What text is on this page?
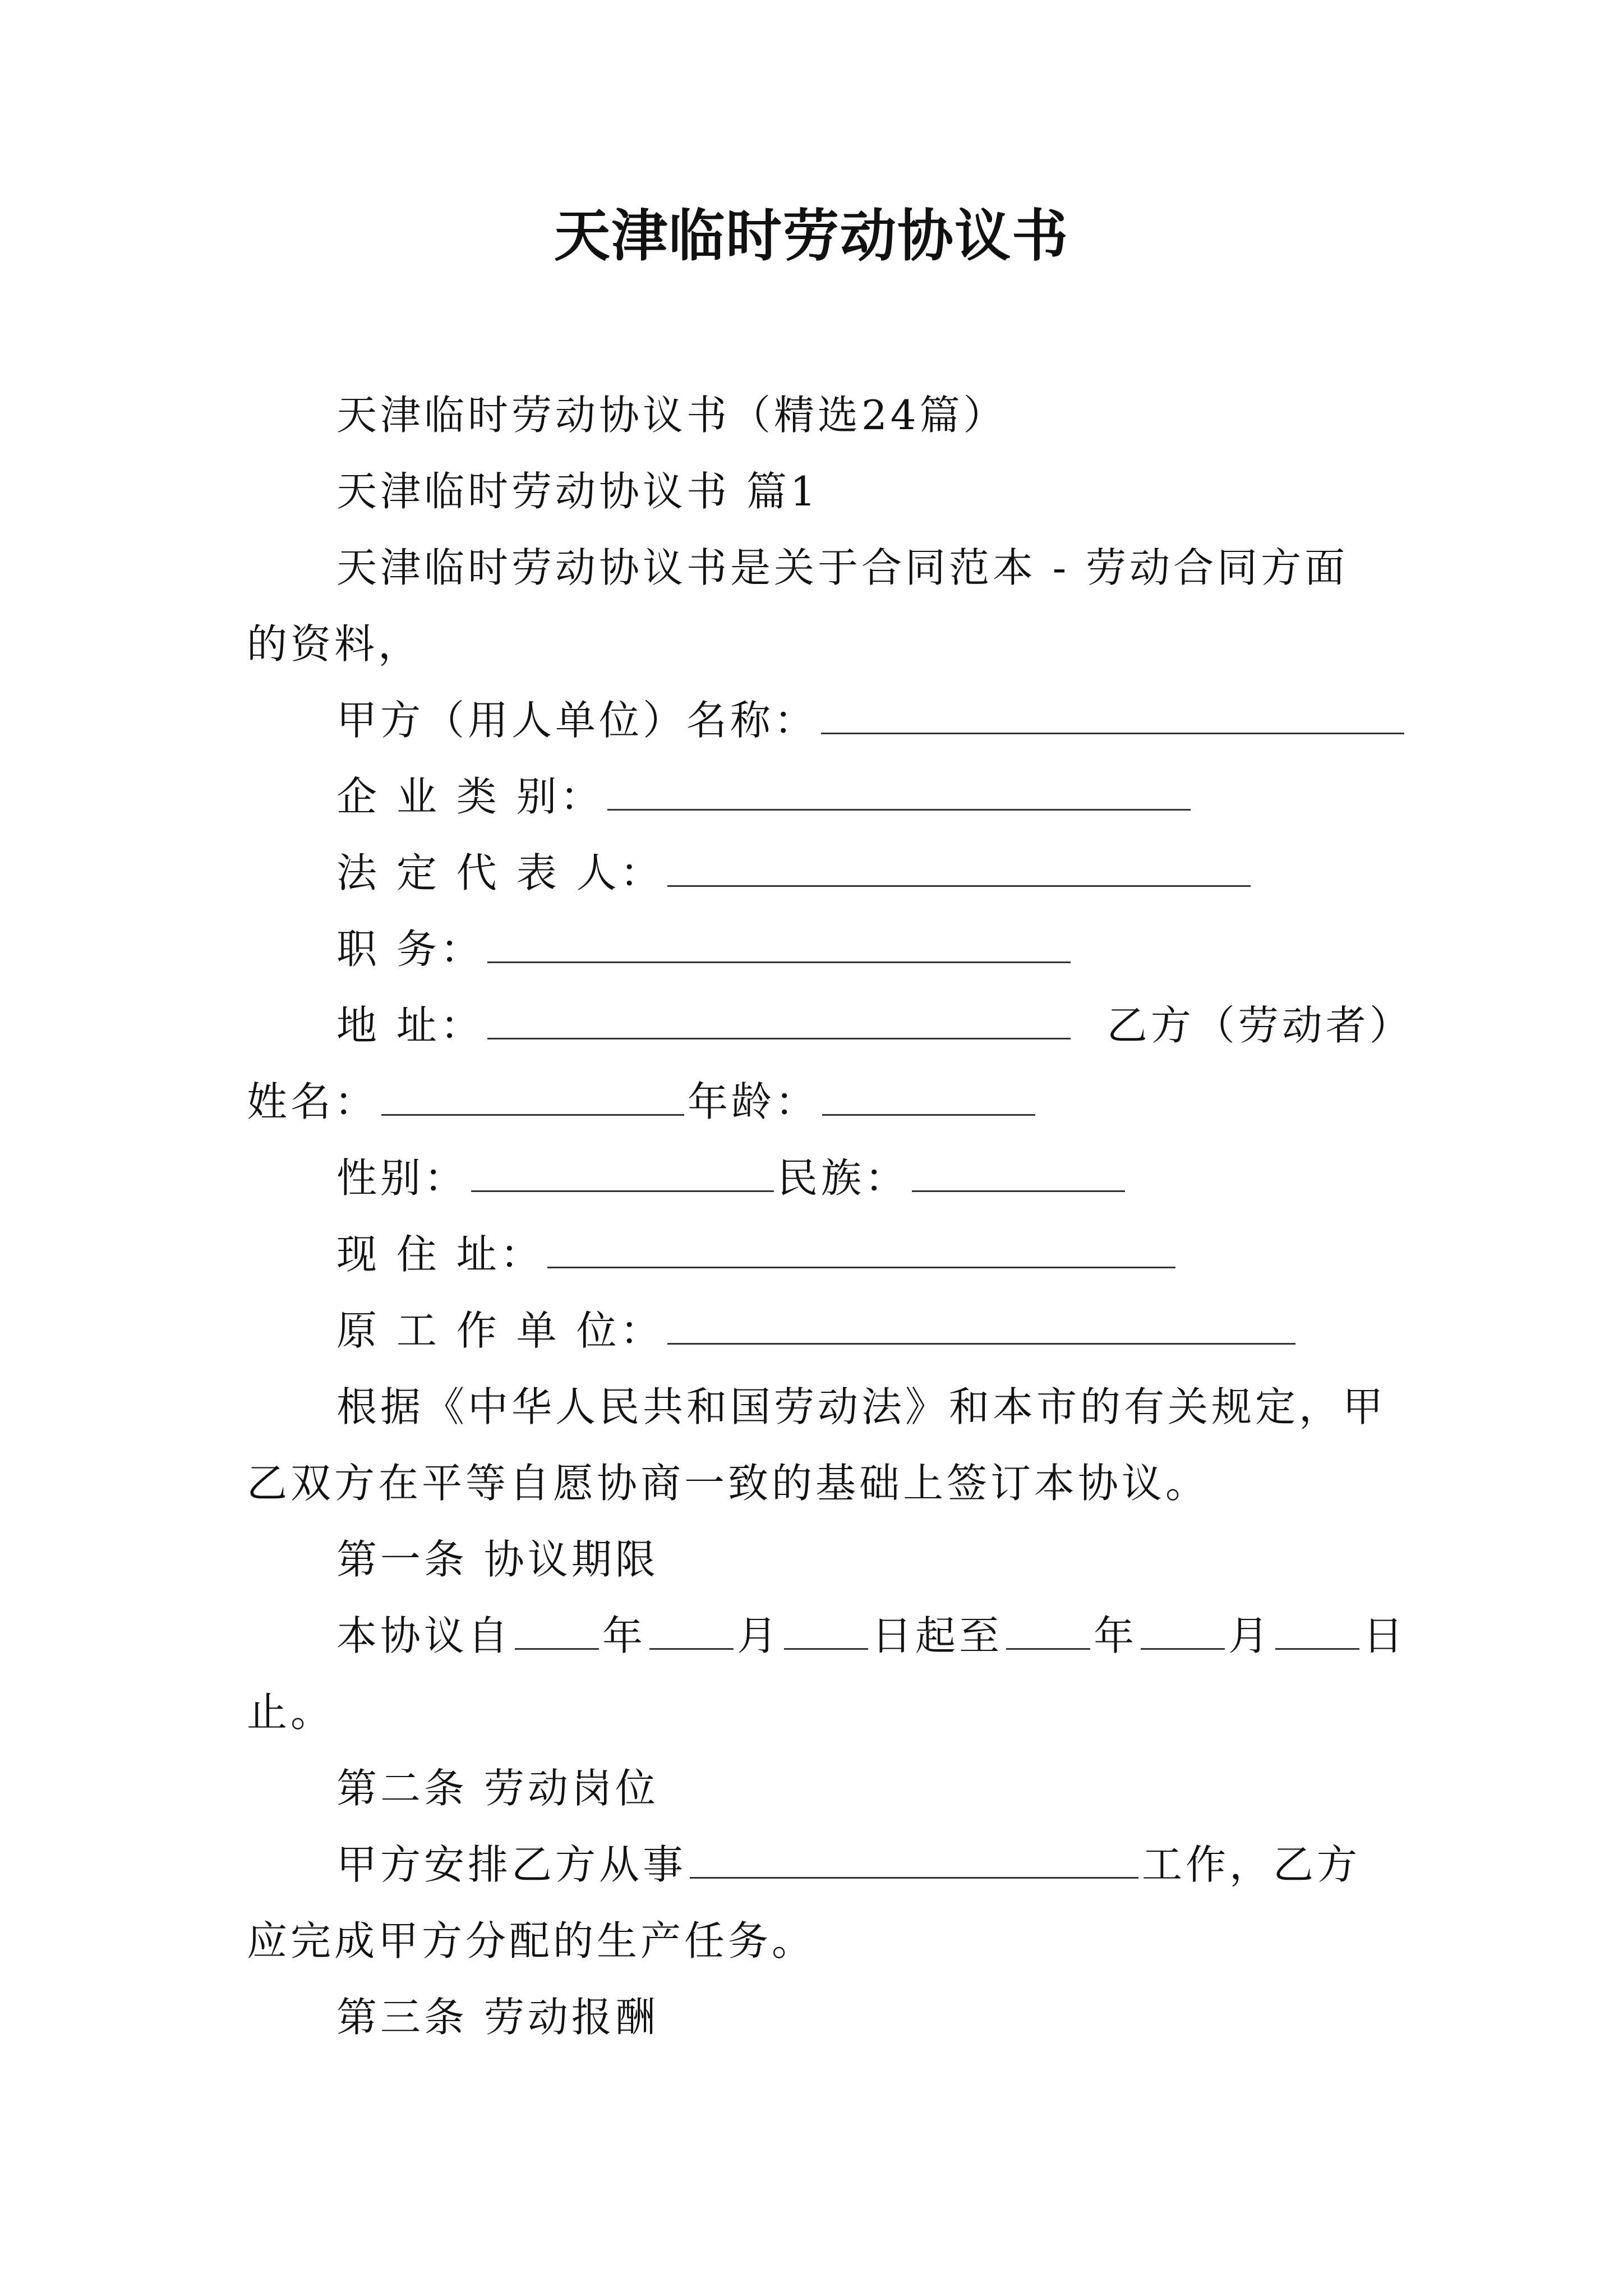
天津临时劳动协议书
天津临时劳动协议书（精选24篇）
天津临时劳动协议书 篇1
天津临时劳动协议书是关于合同范本 - 劳动合同方面
的资料，
甲方（用人单位）名称：
企 业 类 别：
法 定 代 表 人：
职 务：
地 址：	乙方（劳动者）
姓名：	年龄：
性别：	民族：
现 住 址：
原 工 作 单 位：
根据《中华人民共和国劳动法》和本市的有关规定，甲
乙双方在平等自愿协商一致的基础上签订本协议。
第一条 协议期限
本协议自 年 月 日起至 年 月 日
止。
第二条 劳动岗位
甲方安排乙方从事	工作，乙方
应完成甲方分配的生产任务。
第三条 劳动报酬
